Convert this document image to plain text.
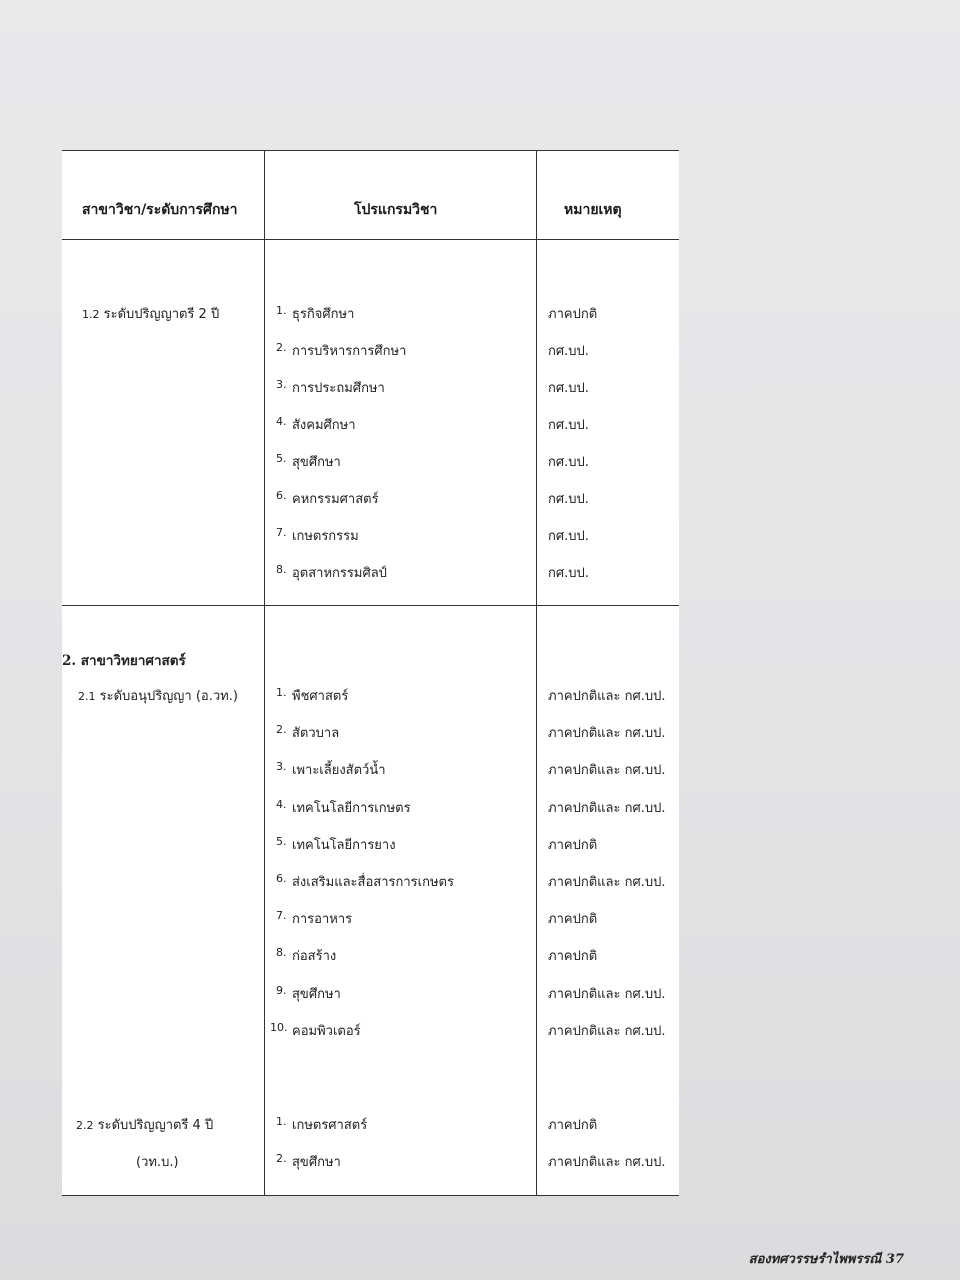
สาขาวิชา/ระดับการศึกษา	โปรแกรมวิชา	หมายเหตุ
1.2 ระดับปริญญาตรี 2 ปี	1. ธุรกิจศึกษา	ภาคปกติ
2. การบริหารการศึกษา	กศ.บป.
3. การประถมศึกษา	กศ.บป.
4. สังคมศึกษา	กศ.บป.
5. สุขศึกษา	กศ.บป.
6. คหกรรมศาสตร์	กศ.บป.
7. เกษตรกรรม	กศ.บป.
8. อุตสาหกรรมศิลป์	กศ.บป.
2. สาขาวิทยาศาสตร์
2.1 ระดับอนุปริญญา (อ.วท.)	1. พืชศาสตร์	ภาคปกติและ กศ.บป.
2. สัตวบาล	ภาคปกติและ กศ.บป.
3. เพาะเลี้ยงสัตว์น้ำ	ภาคปกติและ กศ.บป.
4. เทคโนโลยีการเกษตร	ภาคปกติและ กศ.บป.
5. เทคโนโลยีการยาง	ภาคปกติ
6. ส่งเสริมและสื่อสารการเกษตร	ภาคปกติและ กศ.บป.
7. การอาหาร	ภาคปกติ
8. ก่อสร้าง	ภาคปกติ
9. สุขศึกษา	ภาคปกติและ กศ.บป.
10. คอมพิวเตอร์	ภาคปกติและ กศ.บป.
2.2 ระดับปริญญาตรี 4 ปี
(วท.บ.)
1. เกษตรศาสตร์	ภาคปกติ
2. สุขศึกษา	ภาคปกติและ กศ.บป.
สองทศวรรษรำไพพรรณี 37
